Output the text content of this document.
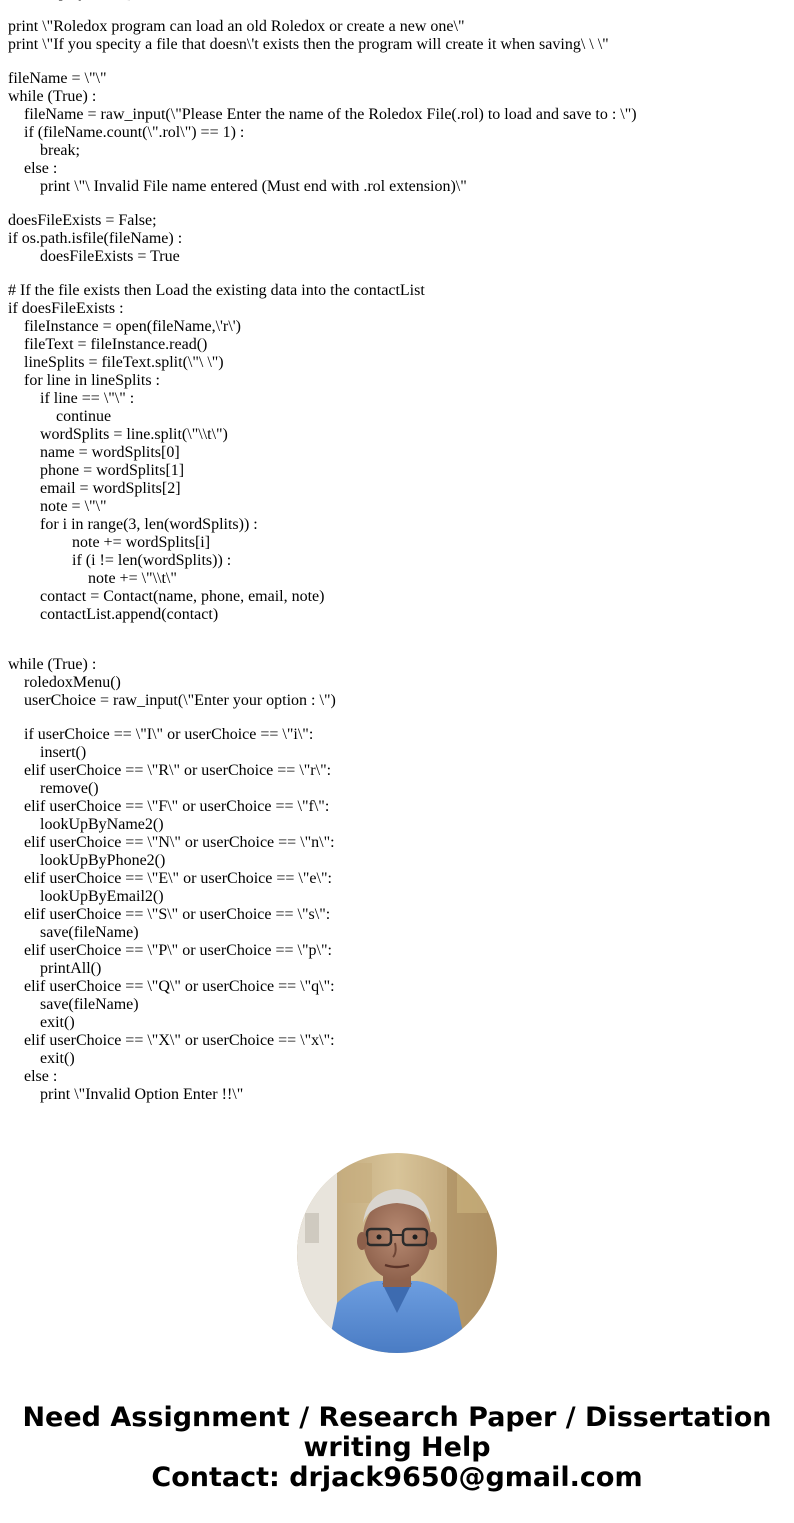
print \"Roledox program can load an old Roledox or create a new one\"
print \"If you specity a file that doesn\'t exists then the program will create it when saving\ \ \"
fileName = \"\"
while (True) :
fileName = raw_input(\"Please Enter the name of the Roledox File(.rol) to load and save to : \")
if (fileName.count(\".rol\") == 1) :
break;
else :
print \"\ Invalid File name entered (Must end with .rol extension)\"
doesFileExists = False;
if os.path.isfile(fileName) :
doesFileExists = True
# If the file exists then Load the existing data into the contactList
if doesFileExists :
fileInstance = open(fileName,\'r\')
fileText = fileInstance.read()
lineSplits = fileText.split(\"\ \")
for line in lineSplits :
if line == \"\" :
continue
wordSplits = line.split(\"\\t\")
name = wordSplits[0]
phone = wordSplits[1]
email = wordSplits[2]
note = \"\"
for i in range(3, len(wordSplits)) :
note += wordSplits[i]
if (i != len(wordSplits)) :
note += \"\\t\"
contact = Contact(name, phone, email, note)
contactList.append(contact)
while (True) :
roledoxMenu()
userChoice = raw_input(\"Enter your option : \")
if userChoice == \"I\" or userChoice == \"i\":
insert()
elif userChoice == \"R\" or userChoice == \"r\":
remove()
elif userChoice == \"F\" or userChoice == \"f\":
lookUpByName2()
elif userChoice == \"N\" or userChoice == \"n\":
lookUpByPhone2()
elif userChoice == \"E\" or userChoice == \"e\":
lookUpByEmail2()
elif userChoice == \"S\" or userChoice == \"s\":
save(fileName)
elif userChoice == \"P\" or userChoice == \"p\":
printAll()
elif userChoice == \"Q\" or userChoice == \"q\":
save(fileName)
exit()
elif userChoice == \"X\" or userChoice == \"x\":
exit()
else :
print \"Invalid Option Enter !!\"
Need Assignment / Research Paper / Dissertation
writing Help
Contact: drjack9650@gmail.com
